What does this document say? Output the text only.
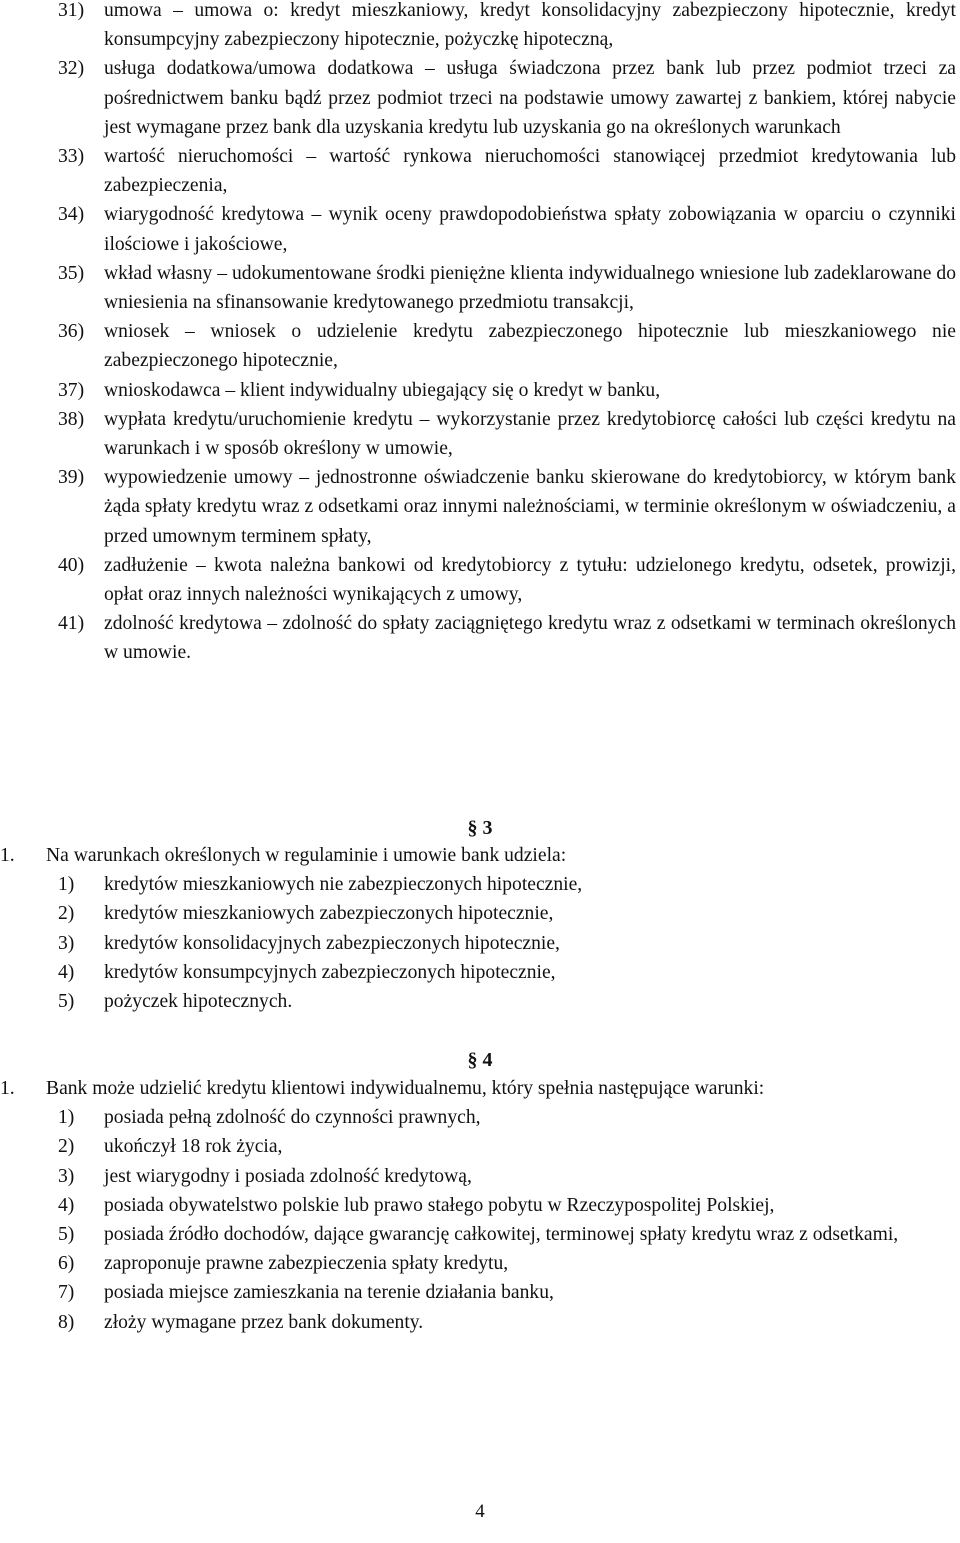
31) umowa – umowa o: kredyt mieszkaniowy, kredyt konsolidacyjny zabezpieczony hipotecznie, kredyt konsumpcyjny zabezpieczony hipotecznie, pożyczkę hipoteczną,
32) usługa dodatkowa/umowa dodatkowa – usługa świadczona przez bank lub przez podmiot trzeci za pośrednictwem banku bądź przez podmiot trzeci na podstawie umowy zawartej z bankiem, której nabycie jest wymagane przez bank dla uzyskania kredytu lub uzyskania go na określonych warunkach
33) wartość nieruchomości – wartość rynkowa nieruchomości stanowiącej przedmiot kredytowania lub zabezpieczenia,
34) wiarygodność kredytowa – wynik oceny prawdopodobieństwa spłaty zobowiązania w oparciu o czynniki ilościowe i jakościowe,
35) wkład własny – udokumentowane środki pieniężne klienta indywidualnego wniesione lub zadeklarowane do wniesienia na sfinansowanie kredytowanego przedmiotu transakcji,
36) wniosek – wniosek o udzielenie kredytu zabezpieczonego hipotecznie lub mieszkaniowego nie zabezpieczonego hipotecznie,
37) wnioskodawca – klient indywidualny ubiegający się o kredyt w banku,
38) wypłata kredytu/uruchomienie kredytu – wykorzystanie przez kredytobiorcę całości lub części kredytu na warunkach i w sposób określony w umowie,
39) wypowiedzenie umowy – jednostronne oświadczenie banku skierowane do kredytobiorcy, w którym bank żąda spłaty kredytu wraz z odsetkami oraz innymi należnościami, w terminie określonym w oświadczeniu, a przed umownym terminem spłaty,
40) zadłużenie – kwota należna bankowi od kredytobiorcy z tytułu: udzielonego kredytu, odsetek, prowizji, opłat oraz innych należności wynikających z umowy,
41) zdolność kredytowa – zdolność do spłaty zaciągniętego kredytu wraz z odsetkami w terminach określonych w umowie.
§ 3
1.	Na warunkach określonych w regulaminie i umowie bank udziela:
1) kredytów mieszkaniowych nie zabezpieczonych hipotecznie,
2) kredytów mieszkaniowych zabezpieczonych hipotecznie,
3) kredytów konsolidacyjnych zabezpieczonych hipotecznie,
4) kredytów konsumpcyjnych zabezpieczonych hipotecznie,
5) pożyczek hipotecznych.
§ 4
1.	Bank może udzielić kredytu klientowi indywidualnemu, który spełnia następujące warunki:
1) posiada pełną zdolność do czynności prawnych,
2) ukończył 18 rok życia,
3) jest wiarygodny i posiada zdolność kredytową,
4) posiada obywatelstwo polskie lub prawo stałego pobytu w Rzeczypospolitej Polskiej,
5) posiada źródło dochodów, dające gwarancję całkowitej, terminowej spłaty kredytu wraz z odsetkami,
6) zaproponuje prawne zabezpieczenia spłaty kredytu,
7) posiada miejsce zamieszkania na terenie działania banku,
8) złoży wymagane przez bank dokumenty.
4
